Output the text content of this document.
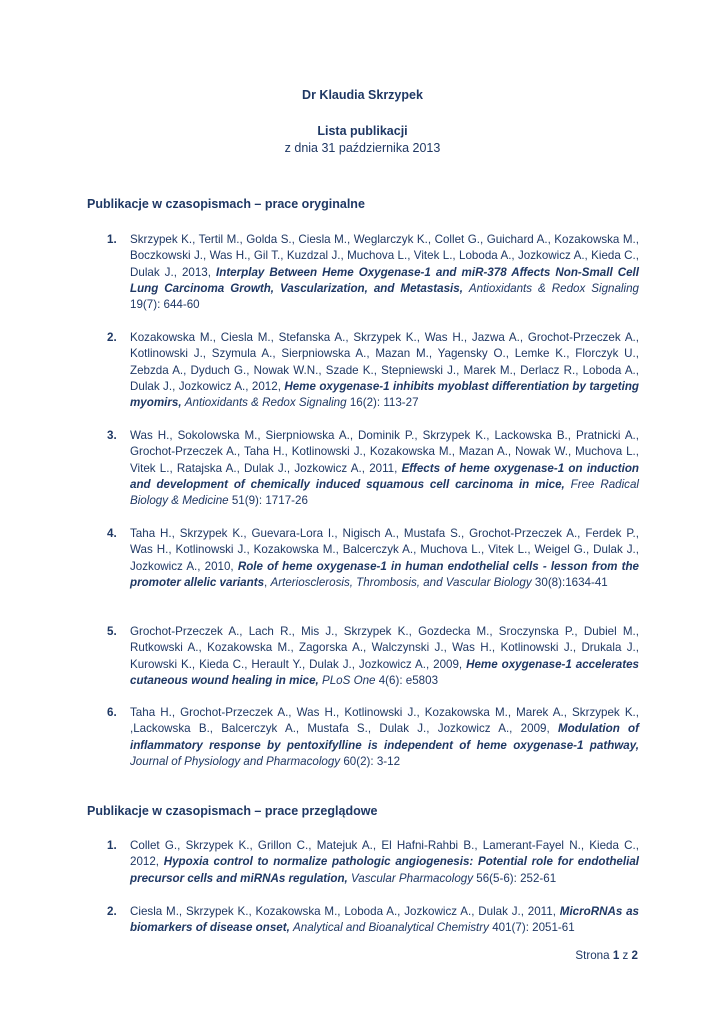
Dr Klaudia Skrzypek
Lista publikacji
z dnia 31 października 2013
Publikacje w czasopismach – prace oryginalne
1. Skrzypek K., Tertil M., Golda S., Ciesla M., Weglarczyk K., Collet G., Guichard A., Kozakowska M., Boczkowski J., Was H., Gil T., Kuzdzal J., Muchova L., Vitek L., Loboda A., Jozkowicz A., Kieda C., Dulak J., 2013, Interplay Between Heme Oxygenase-1 and miR-378 Affects Non-Small Cell Lung Carcinoma Growth, Vascularization, and Metastasis, Antioxidants & Redox Signaling 19(7): 644-60
2. Kozakowska M., Ciesla M., Stefanska A., Skrzypek K., Was H., Jazwa A., Grochot-Przeczek A., Kotlinowski J., Szymula A., Sierpniowska A., Mazan M., Yagensky O., Lemke K., Florczyk U., Zebzda A., Dyduch G., Nowak W.N., Szade K., Stepniewski J., Marek M., Derlacz R., Loboda A., Dulak J., Jozkowicz A., 2012, Heme oxygenase-1 inhibits myoblast differentiation by targeting myomirs, Antioxidants & Redox Signaling 16(2): 113-27
3. Was H., Sokolowska M., Sierpniowska A., Dominik P., Skrzypek K., Lackowska B., Pratnicki A., Grochot-Przeczek A., Taha H., Kotlinowski J., Kozakowska M., Mazan A., Nowak W., Muchova L., Vitek L., Ratajska A., Dulak J., Jozkowicz A., 2011, Effects of heme oxygenase-1 on induction and development of chemically induced squamous cell carcinoma in mice, Free Radical Biology & Medicine 51(9): 1717-26
4. Taha H., Skrzypek K., Guevara-Lora I., Nigisch A., Mustafa S., Grochot-Przeczek A., Ferdek P., Was H., Kotlinowski J., Kozakowska M., Balcerczyk A., Muchova L., Vitek L., Weigel G., Dulak J., Jozkowicz A., 2010, Role of heme oxygenase-1 in human endothelial cells - lesson from the promoter allelic variants, Arteriosclerosis, Thrombosis, and Vascular Biology 30(8):1634-41
5. Grochot-Przeczek A., Lach R., Mis J., Skrzypek K., Gozdecka M., Sroczynska P., Dubiel M., Rutkowski A., Kozakowska M., Zagorska A., Walczynski J., Was H., Kotlinowski J., Drukala J., Kurowski K., Kieda C., Herault Y., Dulak J., Jozkowicz A., 2009, Heme oxygenase-1 accelerates cutaneous wound healing in mice, PLoS One 4(6): e5803
6. Taha H., Grochot-Przeczek A., Was H., Kotlinowski J., Kozakowska M., Marek A., Skrzypek K., ,Lackowska B., Balcerczyk A., Mustafa S., Dulak J., Jozkowicz A., 2009, Modulation of inflammatory response by pentoxifylline is independent of heme oxygenase-1 pathway, Journal of Physiology and Pharmacology 60(2): 3-12
Publikacje w czasopismach – prace przeglądowe
1. Collet G., Skrzypek K., Grillon C., Matejuk A., El Hafni-Rahbi B., Lamerant-Fayel N., Kieda C., 2012, Hypoxia control to normalize pathologic angiogenesis: Potential role for endothelial precursor cells and miRNAs regulation, Vascular Pharmacology 56(5-6): 252-61
2. Ciesla M., Skrzypek K., Kozakowska M., Loboda A., Jozkowicz A., Dulak J., 2011, MicroRNAs as biomarkers of disease onset, Analytical and Bioanalytical Chemistry 401(7): 2051-61
Strona 1 z 2
